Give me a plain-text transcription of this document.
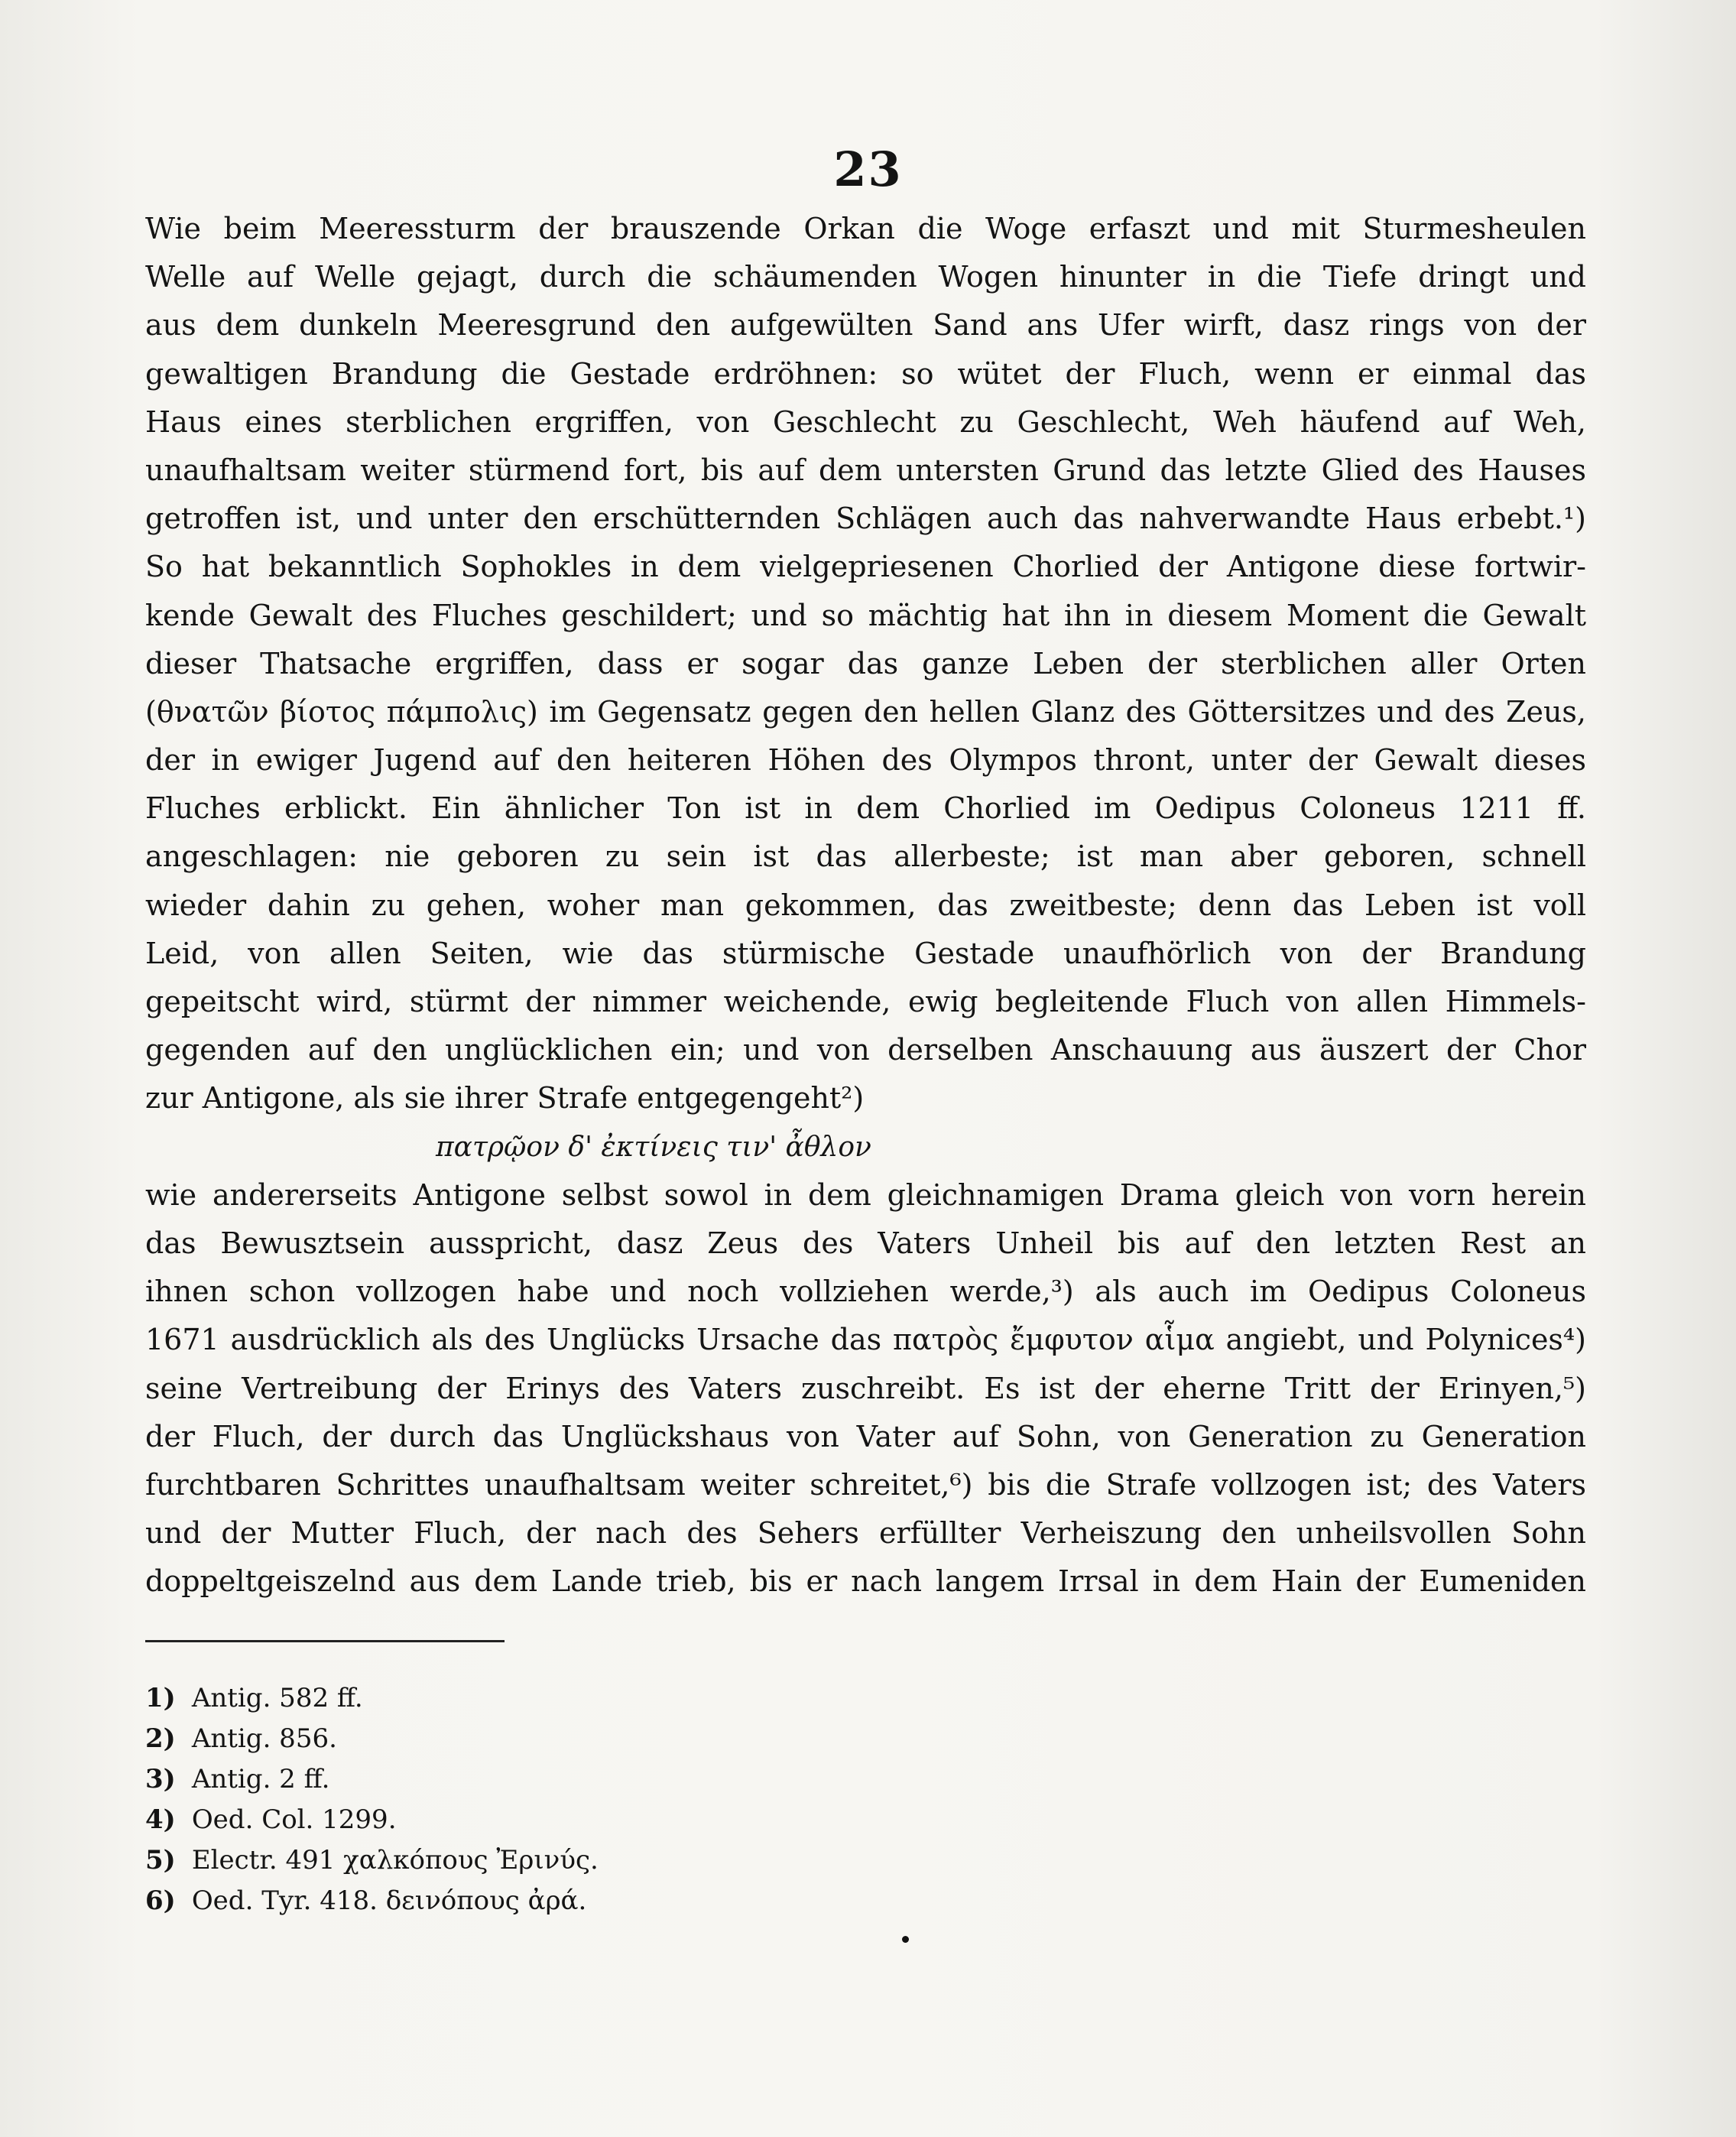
23
Wie beim Meeressturm der brauszende Orkan die Woge erfaszt und mit Sturmesheulen
Welle auf Welle gejagt, durch die schäumenden Wogen hinunter in die Tiefe dringt und
aus dem dunkeln Meeresgrund den aufgewülten Sand ans Ufer wirft, dasz rings von der
gewaltigen Brandung die Gestade erdröhnen: so wütet der Fluch, wenn er einmal das
Haus eines sterblichen ergriffen, von Geschlecht zu Geschlecht, Weh häufend auf Weh,
unaufhaltsam weiter stürmend fort, bis auf dem untersten Grund das letzte Glied des Hauses
getroffen ist, und unter den erschütternden Schlägen auch das nahverwandte Haus erbebt.¹)
So hat bekanntlich Sophokles in dem vielgepriesenen Chorlied der Antigone diese fortwir-
kende Gewalt des Fluches geschildert; und so mächtig hat ihn in diesem Moment die Gewalt
dieser Thatsache ergriffen, dass er sogar das ganze Leben der sterblichen aller Orten
(θνατῶν βίοτος πάμπολις) im Gegensatz gegen den hellen Glanz des Göttersitzes und des Zeus,
der in ewiger Jugend auf den heiteren Höhen des Olympos thront, unter der Gewalt dieses
Fluches erblickt. Ein ähnlicher Ton ist in dem Chorlied im Oedipus Coloneus 1211 ff.
angeschlagen: nie geboren zu sein ist das allerbeste; ist man aber geboren, schnell
wieder dahin zu gehen, woher man gekommen, das zweitbeste; denn das Leben ist voll
Leid, von allen Seiten, wie das stürmische Gestade unaufhörlich von der Brandung
gepeitscht wird, stürmt der nimmer weichende, ewig begleitende Fluch von allen Himmels-
gegenden auf den unglücklichen ein; und von derselben Anschauung aus äuszert der Chor
zur Antigone, als sie ihrer Strafe entgegengeht²)
πατρῷον δ' ἐκτίνεις τιν' ἆθλον
wie andererseits Antigone selbst sowol in dem gleichnamigen Drama gleich von vorn herein
das Bewusztsein ausspricht, dasz Zeus des Vaters Unheil bis auf den letzten Rest an
ihnen schon vollzogen habe und noch vollziehen werde,³) als auch im Oedipus Coloneus
1671 ausdrücklich als des Unglücks Ursache das πατρὸς ἔμφυτον αἷμα angiebt, und Polynices⁴)
seine Vertreibung der Erinys des Vaters zuschreibt. Es ist der eherne Tritt der Erinyen,⁵)
der Fluch, der durch das Unglückshaus von Vater auf Sohn, von Generation zu Generation
furchtbaren Schrittes unaufhaltsam weiter schreitet,⁶) bis die Strafe vollzogen ist; des Vaters
und der Mutter Fluch, der nach des Sehers erfüllter Verheiszung den unheilsvollen Sohn
doppeltgeiszelnd aus dem Lande trieb, bis er nach langem Irrsal in dem Hain der Eumeniden
1) Antig. 582 ff.
2) Antig. 856.
3) Antig. 2 ff.
4) Oed. Col. 1299.
5) Electr. 491 χαλκόπους Ἐρινύς.
6) Oed. Tyr. 418. δεινόπους ἀρά.
